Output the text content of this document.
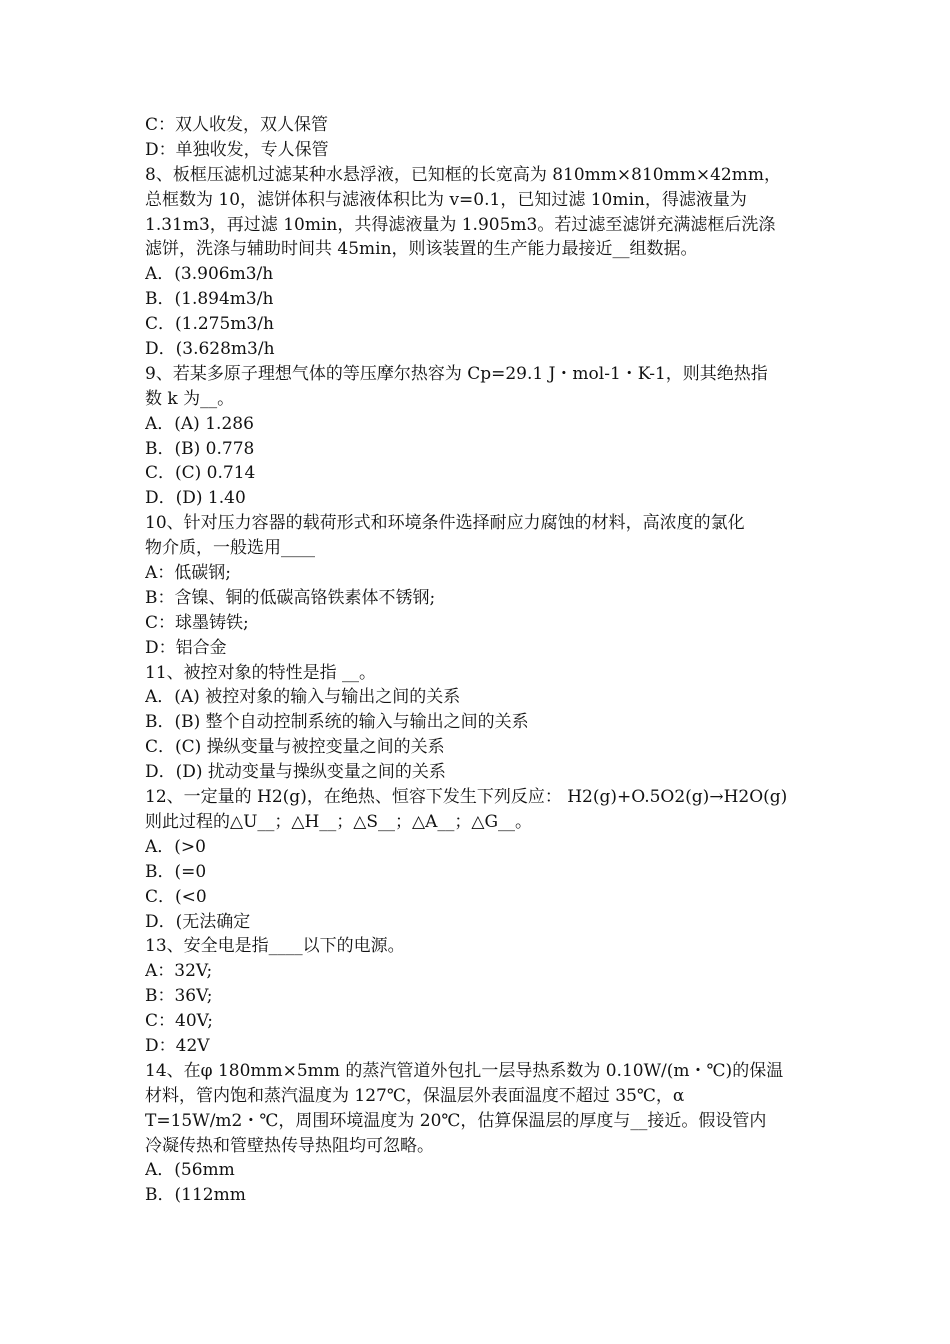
C：双人收发，双人保管
D：单独收发，专人保管
8、板框压滤机过滤某种水悬浮液，已知框的长宽高为 810mm×810mm×42mm，
总框数为 10，滤饼体积与滤液体积比为 v=0.1，已知过滤 10min，得滤液量为
1.31m3，再过滤 10min，共得滤液量为 1.905m3。若过滤至滤饼充满滤框后洗涤
滤饼，洗涤与辅助时间共 45min，则该装置的生产能力最接近__组数据。
A．(3.906m3/h
B．(1.894m3/h
C．(1.275m3/h
D．(3.628m3/h
9、若某多原子理想气体的等压摩尔热容为 Cp=29.1 J・mol-1・K-1，则其绝热指
数 k 为__。
A．(A) 1.286
B．(B) 0.778
C．(C) 0.714
D．(D) 1.40
10、针对压力容器的载荷形式和环境条件选择耐应力腐蚀的材料，高浓度的氯化
物介质，一般选用____
A：低碳钢;
B：含镍、铜的低碳高铬铁素体不锈钢;
C：球墨铸铁;
D：铝合金
11、被控对象的特性是指 __。
A．(A) 被控对象的输入与输出之间的关系
B．(B) 整个自动控制系统的输入与输出之间的关系
C．(C) 操纵变量与被控变量之间的关系
D．(D) 扰动变量与操纵变量之间的关系
12、一定量的 H2(g)，在绝热、恒容下发生下列反应： H2(g)+O.5O2(g)→H2O(g)
则此过程的△U__；△H__；△S__；△A__；△G__。
A．(>0
B．(=0
C．(<0
D．(无法确定
13、安全电是指____以下的电源。
A：32V;
B：36V;
C：40V;
D：42V
14、在φ 180mm×5mm 的蒸汽管道外包扎一层导热系数为 0.10W/(m・℃)的保温
材料，管内饱和蒸汽温度为 127℃，保温层外表面温度不超过 35℃，α
T=15W/m2・℃，周围环境温度为 20℃，估算保温层的厚度与__接近。假设管内
冷凝传热和管壁热传导热阻均可忽略。
A．(56mm
B．(112mm
